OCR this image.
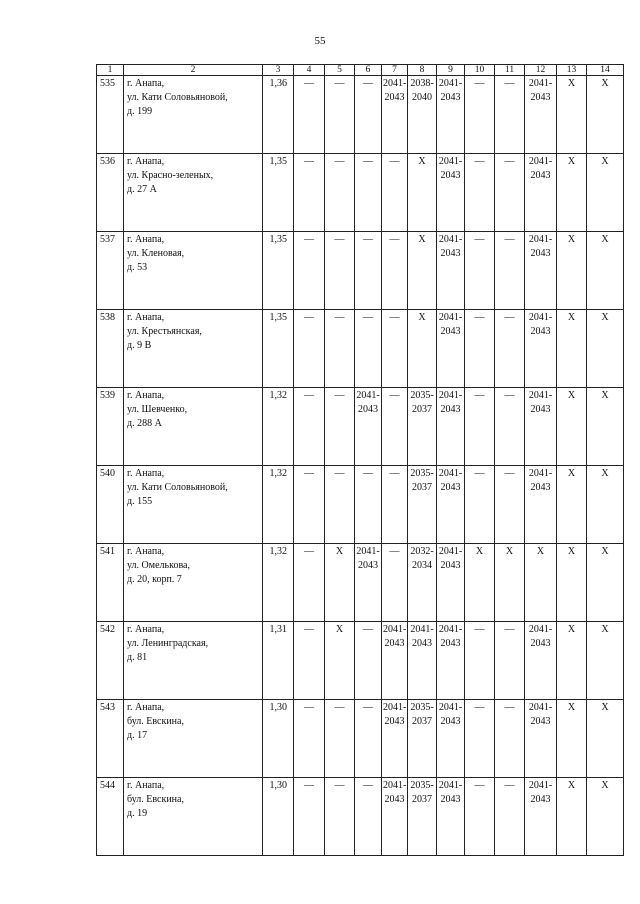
55
1	2	3	4	5	6	7	8	9	10	11	12	13	14
535	г. Анапа,
ул. Кати Соловьяновой,
д. 199	1,36	—	—	—	2041-2043	2038-2040	2041-2043	—	—	2041-2043	X	X
536	г. Анапа,
ул. Красно-зеленых,
д. 27 А	1,35	—	—	—	—	X	2041-2043	—	—	2041-2043	X	X
537	г. Анапа,
ул. Кленовая,
д. 53	1,35	—	—	—	—	X	2041-2043	—	—	2041-2043	X	X
538	г. Анапа,
ул. Крестьянская,
д. 9 В	1,35	—	—	—	—	X	2041-2043	—	—	2041-2043	X	X
539	г. Анапа,
ул. Шевченко,
д. 288 А	1,32	—	—	2041-2043	—	2035-2037	2041-2043	—	—	2041-2043	X	X
540	г. Анапа,
ул. Кати Соловьяновой,
д. 155	1,32	—	—	—	—	2035-2037	2041-2043	—	—	2041-2043	X	X
541	г. Анапа,
ул. Омелькова,
д. 20, корп. 7	1,32	—	X	2041-2043	—	2032-2034	2041-2043	X	X	X	X	X
542	г. Анапа,
ул. Ленинградская,
д. 81	1,31	—	X	—	2041-2043	2041-2043	2041-2043	—	—	2041-2043	X	X
543	г. Анапа,
бул. Евскина,
д. 17	1,30	—	—	—	2041-2043	2035-2037	2041-2043	—	—	2041-2043	X	X
544	г. Анапа,
бул. Евскина,
д. 19	1,30	—	—	—	2041-2043	2035-2037	2041-2043	—	—	2041-2043	X	X
